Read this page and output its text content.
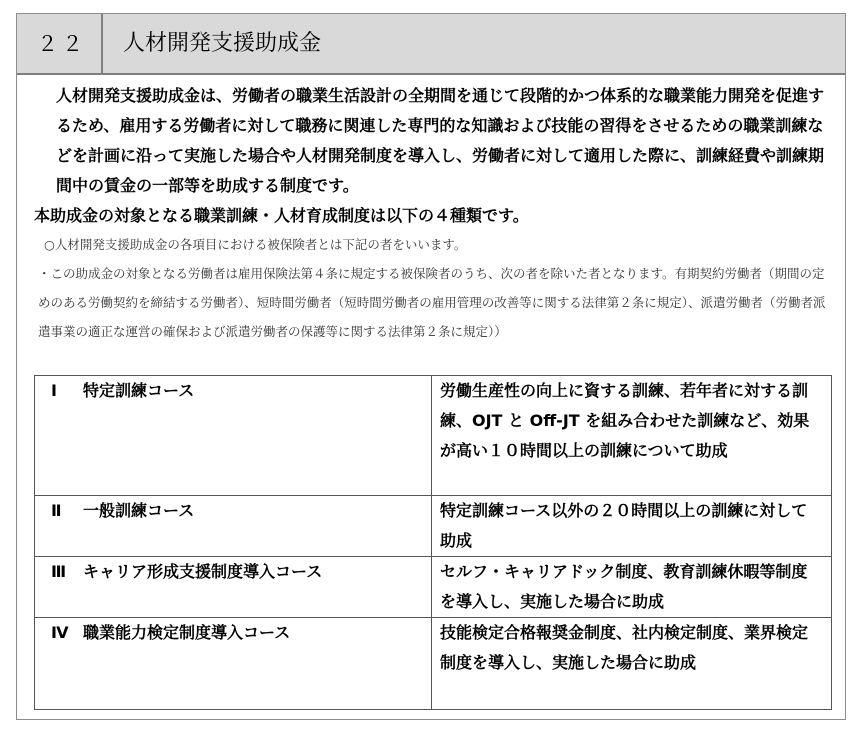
２２	人材開発支援助成金
人材開発支援助成金は、労働者の職業生活設計の全期間を通じて段階的かつ体系的な職業能力開発を促進するため、雇用する労働者に対して職務に関連した専門的な知識および技能の習得をさせるための職業訓練などを計画に沿って実施した場合や人材開発制度を導入し、労働者に対して適用した際に、訓練経費や訓練期間中の賃金の一部等を助成する制度です。
本助成金の対象となる職業訓練・人材育成制度は以下の４種類です。
○人材開発支援助成金の各項目における被保険者とは下記の者をいいます。
・この助成金の対象となる労働者は雇用保険法第４条に規定する被保険者のうち、次の者を除いた者となります。有期契約労働者（期間の定めのある労働契約を締結する労働者）、短時間労働者（短時間労働者の雇用管理の改善等に関する法律第２条に規定）、派遣労働者（労働者派遣事業の適正な運営の確保および派遣労働者の保護等に関する法律第２条に規定））
Ⅰ 特定訓練コース	労働生産性の向上に資する訓練、若年者に対する訓練、OJT と Off-JT を組み合わせた訓練など、効果が高い１０時間以上の訓練について助成
Ⅱ 一般訓練コース	特定訓練コース以外の２０時間以上の訓練に対して助成
Ⅲ キャリア形成支援制度導入コース	セルフ・キャリアドック制度、教育訓練休暇等制度を導入し、実施した場合に助成
Ⅳ 職業能力検定制度導入コース	技能検定合格報奨金制度、社内検定制度、業界検定制度を導入し、実施した場合に助成
